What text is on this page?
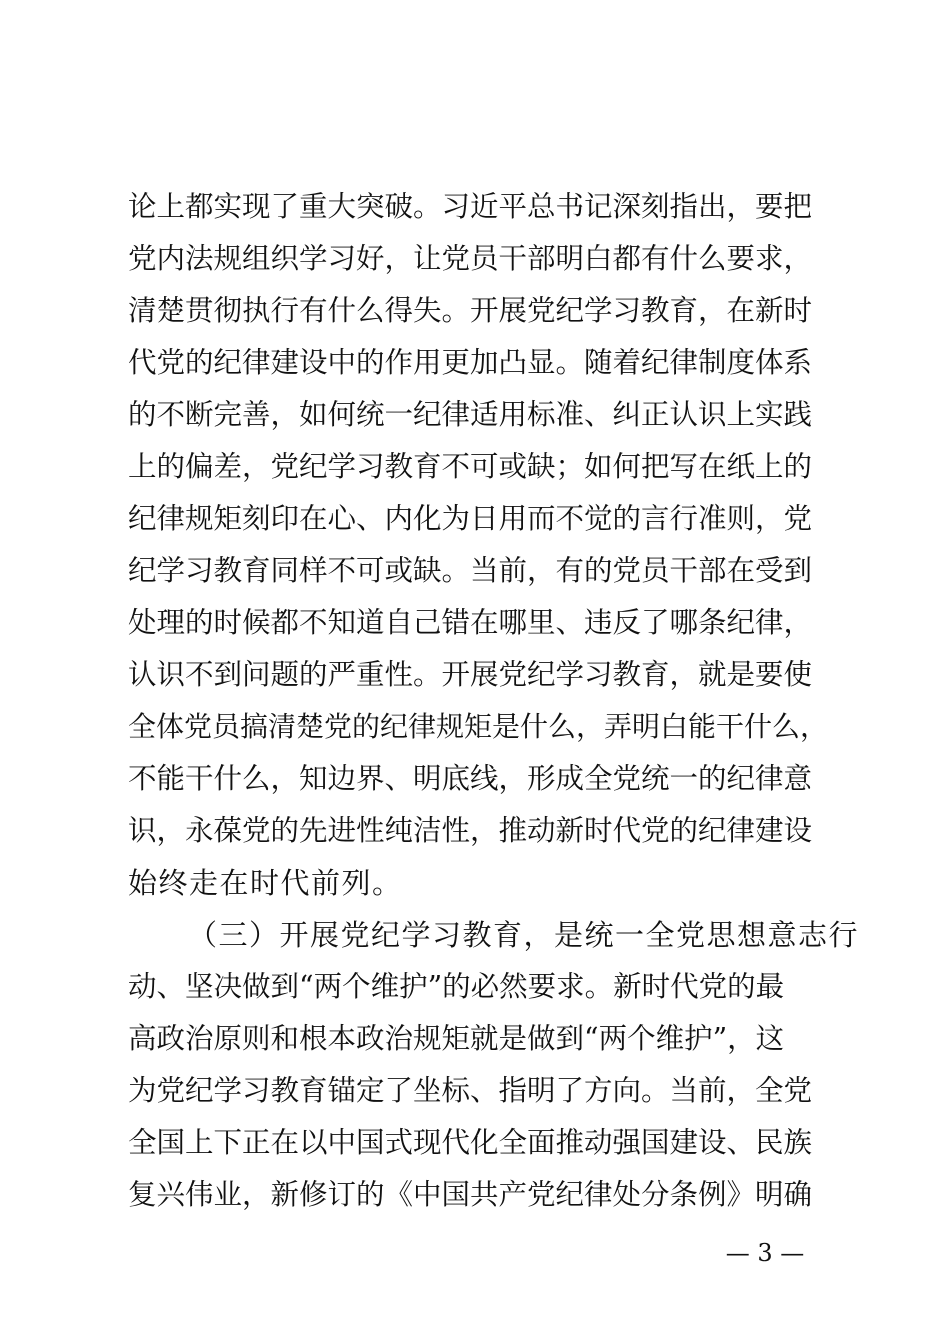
论上都实现了重大突破。习近平总书记深刻指出，要把
党内法规组织学习好，让党员干部明白都有什么要求，
清楚贯彻执行有什么得失。开展党纪学习教育，在新时
代党的纪律建设中的作用更加凸显。随着纪律制度体系
的不断完善，如何统一纪律适用标准、纠正认识上实践
上的偏差，党纪学习教育不可或缺；如何把写在纸上的
纪律规矩刻印在心、内化为日用而不觉的言行准则，党
纪学习教育同样不可或缺。当前，有的党员干部在受到
处理的时候都不知道自己错在哪里、违反了哪条纪律，
认识不到问题的严重性。开展党纪学习教育，就是要使
全体党员搞清楚党的纪律规矩是什么，弄明白能干什么，
不能干什么，知边界、明底线，形成全党统一的纪律意
识，永葆党的先进性纯洁性，推动新时代党的纪律建设
始终走在时代前列。
（三）开展党纪学习教育，是统一全党思想意志行
动、坚决做到“两个维护”的必然要求。新时代党的最
高政治原则和根本政治规矩就是做到“两个维护”，这
为党纪学习教育锚定了坐标、指明了方向。当前，全党
全国上下正在以中国式现代化全面推动强国建设、民族
复兴伟业，新修订的《中国共产党纪律处分条例》明确
— 3 —
